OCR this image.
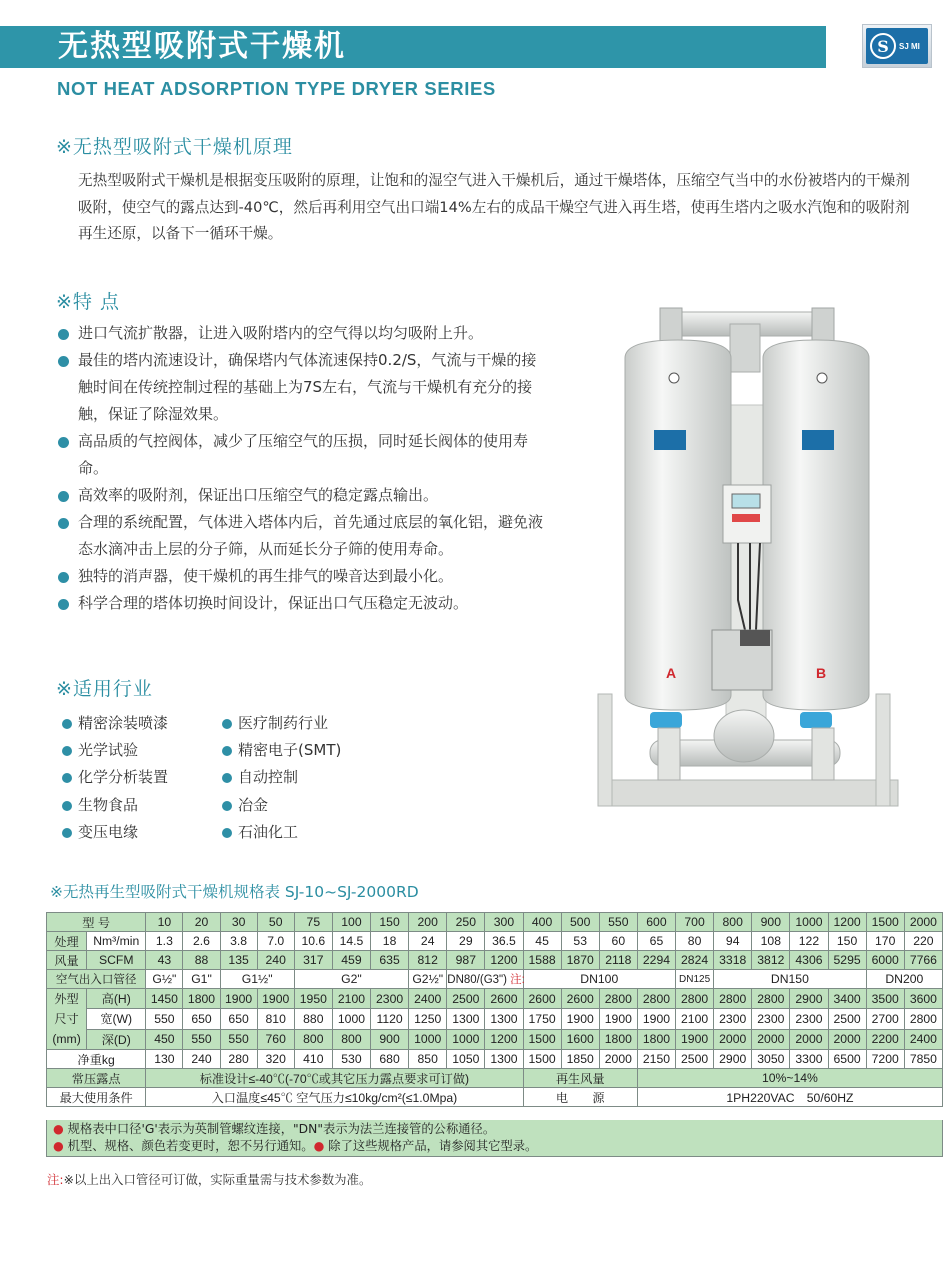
无热型吸附式干燥机	S	SJ MI
NOT HEAT ADSORPTION TYPE DRYER SERIES
※无热型吸附式干燥机原理
无热型吸附式干燥机是根据变压吸附的原理，让饱和的湿空气进入干燥机后，通过干燥塔体，压缩空气当中的水份被塔内的干燥剂吸附，使空气的露点达到-40℃，然后再利用空气出口端14%左右的成品干燥空气进入再生塔，使再生塔内之吸水汽饱和的吸附剂再生还原，以备下一循环干燥。
※特 点
进口气流扩散器，让进入吸附塔内的空气得以均匀吸附上升。
最佳的塔内流速设计，确保塔内气体流速保持0.2/S，气流与干燥的接触时间在传统控制过程的基础上为7S左右，气流与干燥机有充分的接触，保证了除湿效果。
高品质的气控阀体，减少了压缩空气的压损，同时延长阀体的使用寿命。
高效率的吸附剂，保证出口压缩空气的稳定露点输出。
合理的系统配置，气体进入塔体内后，首先通过底层的氧化铝，避免液态水滴冲击上层的分子筛，从而延长分子筛的使用寿命。
独特的消声器，使干燥机的再生排气的噪音达到最小化。
科学合理的塔体切换时间设计，保证出口气压稳定无波动。
※适用行业
精密涂装喷漆	医疗制药行业
光学试验	精密电子(SMT)
化学分析装置	自动控制
生物食品	冶金
变压电缘	石油化工
A	B
※无热再生型吸附式干燥机规格表 SJ-10~SJ-2000RD
型 号		10	20	30	50	75	100	150	200	250	300	400	500	550	600	700	800	900	1000	1200	1500	2000
处理	Nm³/min	1.3	2.6	3.8	7.0	10.6	14.5	18	24	29	36.5	45	53	60	65	80	94	108	122	150	170	220
风量	SCFM	43	88	135	240	317	459	635	812	987	1200	1588	1870	2118	2294	2824	3318	3812	4306	5295	6000	7766
空气出入口管径		G½"	G1"	G1½"		G2"			G2½"	DN80/(G3") 注:		DN100				DN125	DN150				DN200	

外型
尺寸
(mm)	高(H)	1450	1800	1900	1900	1950	2100	2300	2400	2500	2600	2600	2600	2800	2800	2800	2800	2800	2900	3400	3500	3600
	宽(W)	550	650	650	810	880	1000	1120	1250	1300	1300	1750	1900	1900	1900	2100	2300	2300	2300	2500	2700	2800
	深(D)	450	550	550	760	800	800	900	1000	1000	1200	1500	1600	1800	1800	1900	2000	2000	2000	2000	2200	2400
净重kg		130	240	280	320	410	530	680	850	1050	1300	1500	1850	2000	2150	2500	2900	3050	3300	6500	7200	7850
常压露点		标准设计≤-40℃(-70℃或其它压力露点要求可订做)										再生风量			10%~14%							
最大使用条件		入口温度≤45℃ 空气压力≤10kg/cm²(≤1.0Mpa)										电　　源			1PH220VAC　50/60HZ							
● 规格表中口径'G'表示为英制管螺纹连接，"DN"表示为法兰连接管的公称通径。
● 机型、规格、颜色若变更时，恕不另行通知。● 除了这些规格产品，请参阅其它型录。
注:※以上出入口管径可订做，实际重量需与技术参数为准。
